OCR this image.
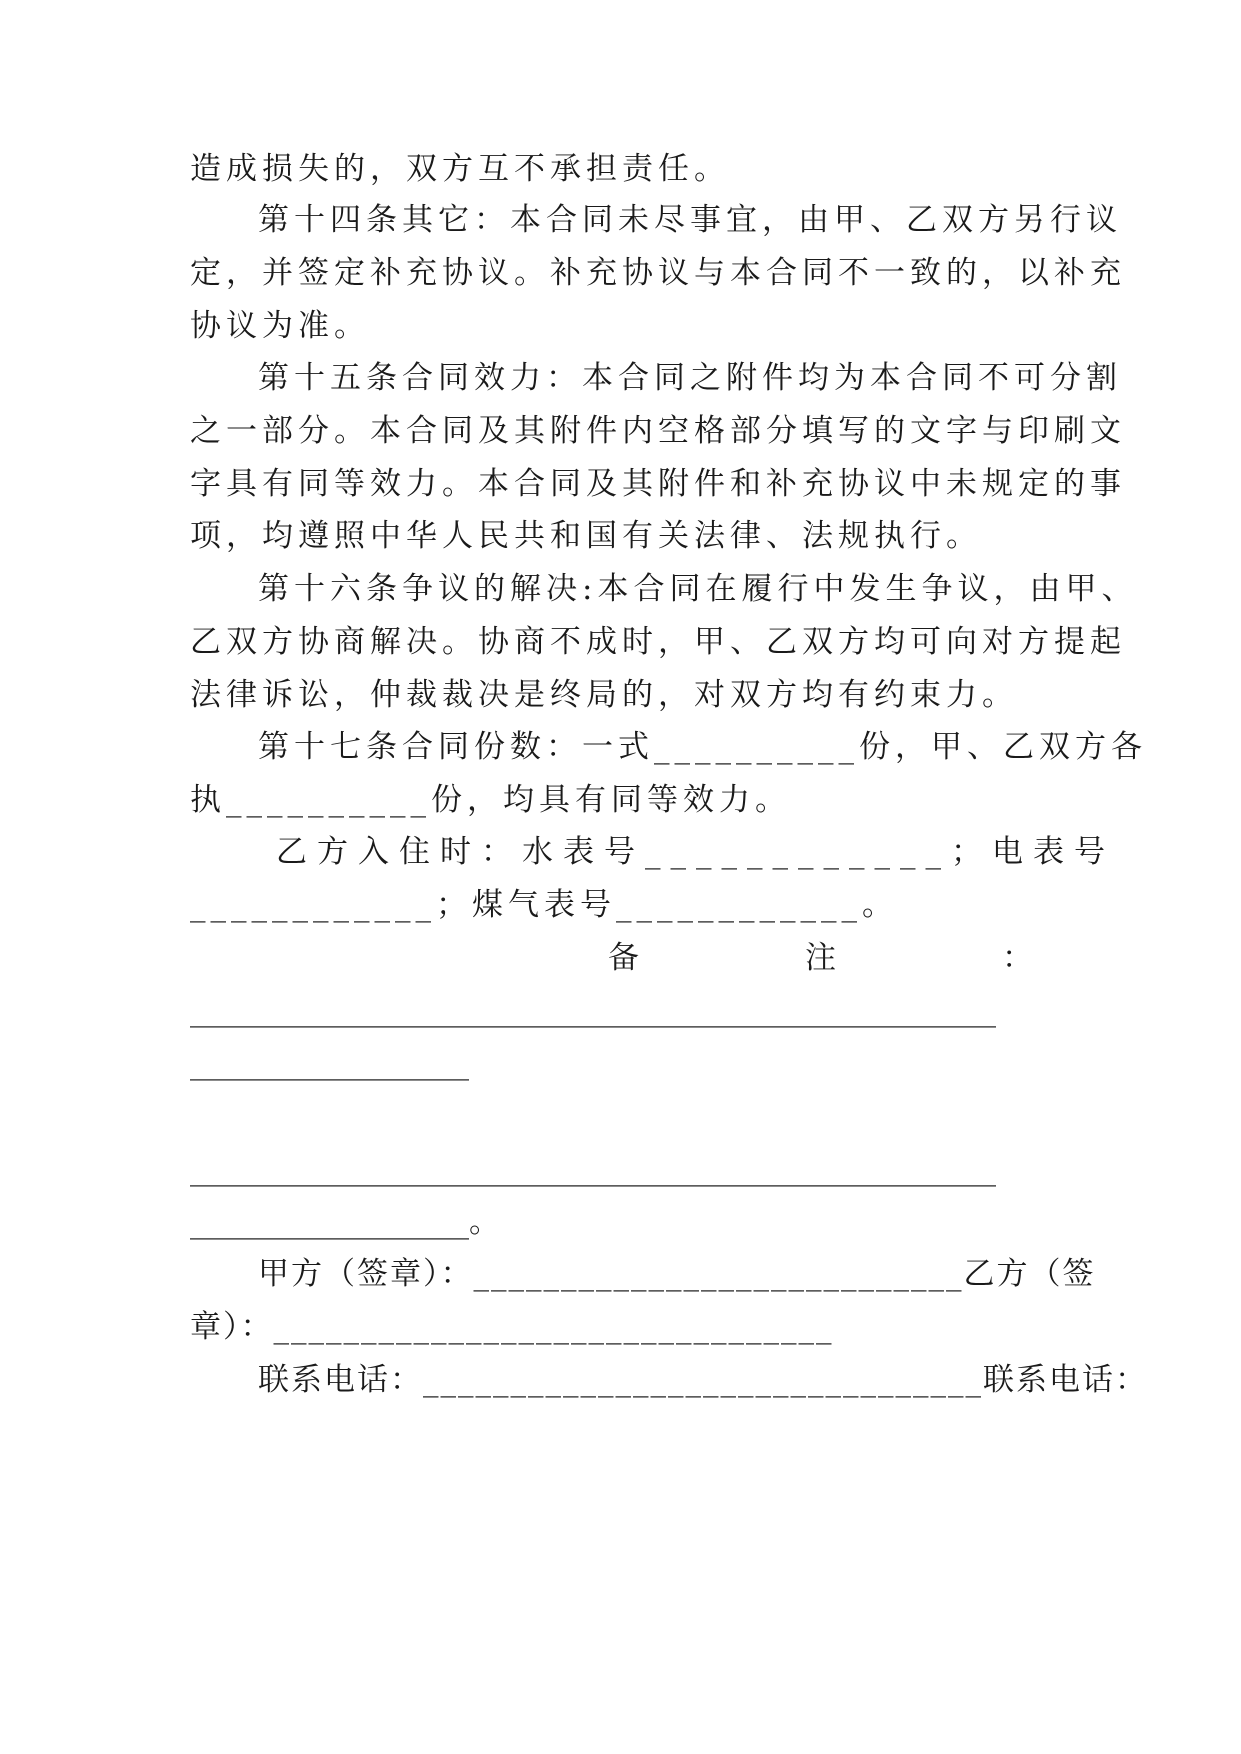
造成损失的，双方互不承担责任。
第十四条其它：本合同未尽事宜，由甲、乙双方另行议
定，并签定补充协议。补充协议与本合同不一致的，以补充
协议为准。
第十五条合同效力：本合同之附件均为本合同不可分割
之一部分。本合同及其附件内空格部分填写的文字与印刷文
字具有同等效力。本合同及其附件和补充协议中未规定的事
项，均遵照中华人民共和国有关法律、法规执行。
第十六条争议的解决:本合同在履行中发生争议，由甲、
乙双方协商解决。协商不成时，甲、乙双方均可向对方提起
法律诉讼，仲裁裁决是终局的，对双方均有约束力。
第十七条合同份数：一式__________份，甲、乙双方各
执__________份，均具有同等效力。
乙方入住时：水表号____________；电表号
____________；煤气表号____________。
备 注 ：
____________________________________________________
__________________
____________________________________________________
__________________。
甲方（签章）：____________________________乙方（签
章）：________________________________
联系电话：________________________________联系电话：
